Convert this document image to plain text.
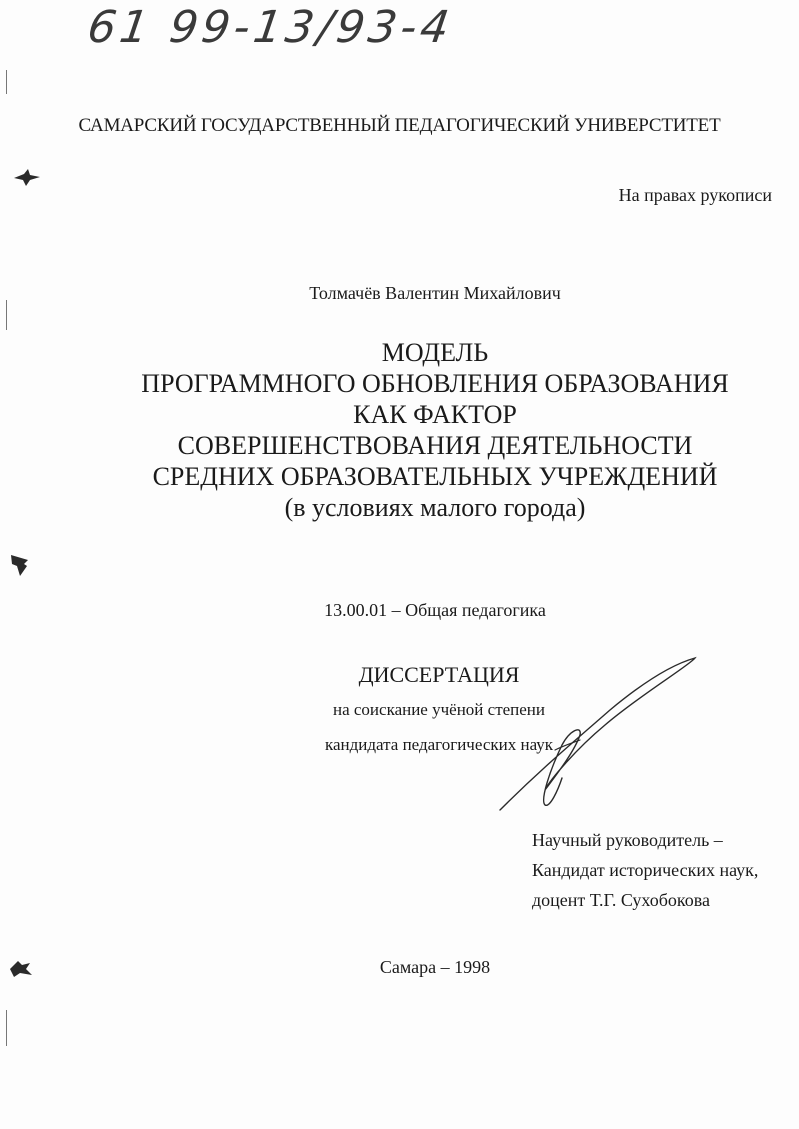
61 99-13/93-4
САМАРСКИЙ ГОСУДАРСТВЕННЫЙ ПЕДАГОГИЧЕСКИЙ УНИВЕРСТИТЕТ
На правах рукописи
Толмачёв Валентин Михайлович
МОДЕЛЬ
ПРОГРАММНОГО ОБНОВЛЕНИЯ ОБРАЗОВАНИЯ
КАК ФАКТОР
СОВЕРШЕНСТВОВАНИЯ ДЕЯТЕЛЬНОСТИ
СРЕДНИХ ОБРАЗОВАТЕЛЬНЫХ УЧРЕЖДЕНИЙ
(в условиях малого города)
13.00.01 – Общая педагогика
ДИССЕРТАЦИЯ
на соискание учёной степени
кандидата педагогических наук
Научный руководитель –
Кандидат исторических наук,
доцент Т.Г. Сухобокова
Самара – 1998
